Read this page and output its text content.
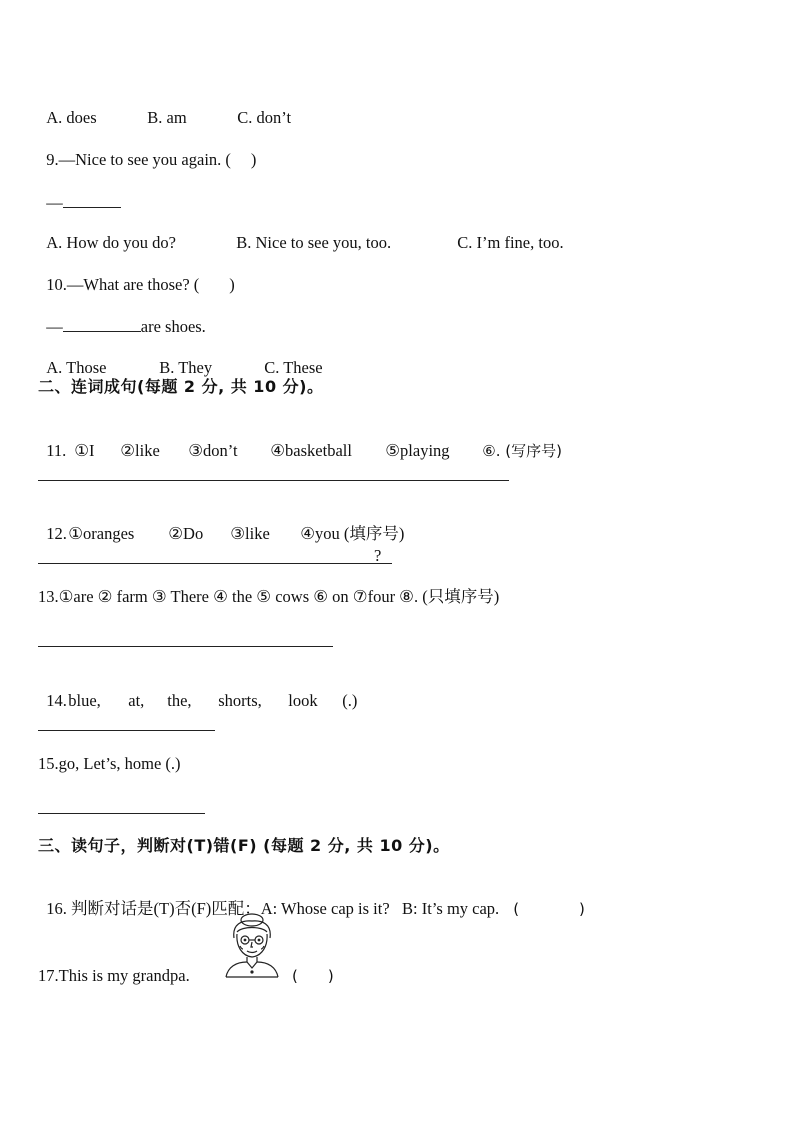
A. does	B. am	C. don’t

9.—Nice to see you again. ( )

—

A. How do you do?	B. Nice to see you, too.	C. I’m fine, too.

10.—What are those? ( )

—	are shoes.

A. Those	B. They	C. These

二、连词成句(每题 2 分, 共 10 分)。

11. ①I ②like ③don’t ④basketball ⑤playing ⑥. (写序号)

12.①oranges ②Do ③like ④you (填序号)

?
13.①are ② farm ③ There ④ the ⑤ cows ⑥ on ⑦four ⑧. (只填序号)

14.blue, at, the, shorts, look (.)

15.go, Let’s, home (.)
三、读句子，判断对(T)错(F) (每题 2 分, 共 10 分)。

16. 判断对话是(T)否(F)匹配：A: Whose cap is it?   B: It’s my cap. (　　　　)

17.This is my grandpa.	(　　)
